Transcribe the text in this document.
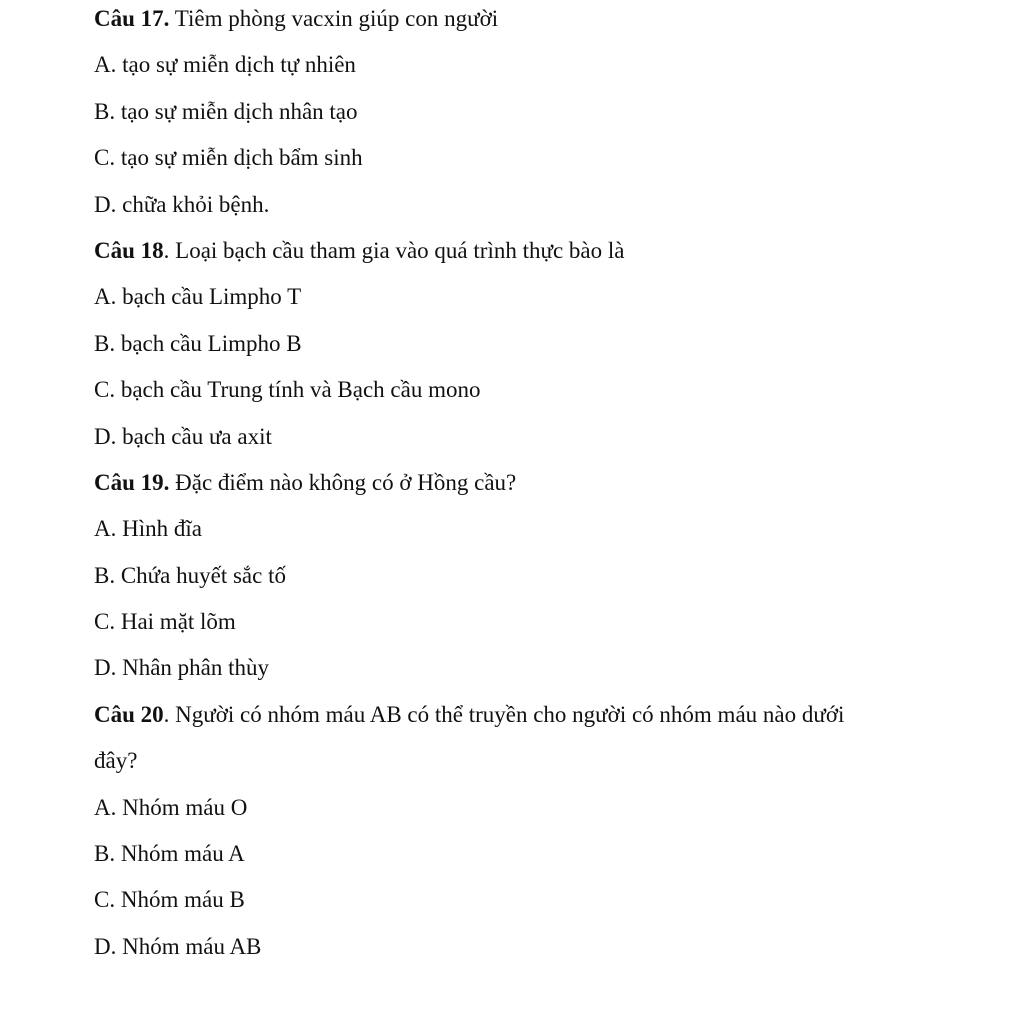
Câu 17. Tiêm phòng vacxin giúp con người
A. tạo sự miễn dịch tự nhiên
B. tạo sự miễn dịch nhân tạo
C. tạo sự miễn dịch bẩm sinh
D. chữa khỏi bệnh.
Câu 18. Loại bạch cầu tham gia vào quá trình thực bào là
A. bạch cầu Limpho T
B. bạch cầu Limpho B
C. bạch cầu Trung tính và Bạch cầu mono
D. bạch cầu ưa axit
Câu 19. Đặc điểm nào không có ở Hồng cầu?
A. Hình đĩa
B. Chứa huyết sắc tố
C. Hai mặt lõm
D. Nhân phân thùy
Câu 20. Người có nhóm máu AB có thể truyền cho người có nhóm máu nào dưới
đây?
A. Nhóm máu O
B. Nhóm máu A
C. Nhóm máu B
D. Nhóm máu AB
